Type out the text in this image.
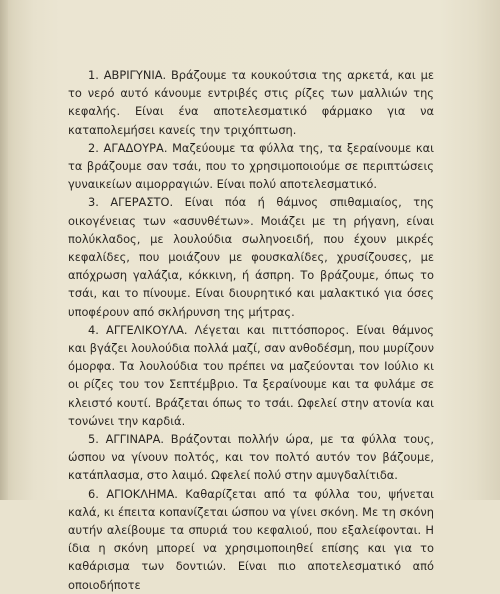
1. ΑΒΡΙΓΥΝΙΑ. Βράζουμε τα κουκούτσια της αρκετά, και με το νερό αυτό κάνουμε εντριβές στις ρίζες των μαλλιών της κεφαλής. Είναι ένα αποτελεσματικό φάρμακο για να καταπολεμήσει κανείς την τριχόπτωση.

2. ΑΓΑΔΟΥΡΑ. Μαζεύουμε τα φύλλα της, τα ξεραίνουμε και τα βράζουμε σαν τσάι, που το χρησιμοποιούμε σε περιπτώσεις γυναικείων αιμορραγιών. Είναι πολύ αποτελεσματικό.

3. ΑΓΕΡΑΣΤΟ. Είναι πόα ή θάμνος σπιθαμιαίος, της οικογένειας των «ασυνθέτων». Μοιάζει με τη ρήγανη, είναι πολύκλαδος, με λουλούδια σωληνοειδή, που έχουν μικρές κεφαλίδες, που μοιάζουν με φουσκαλίδες, χρυσίζουσες, με απόχρωση γαλάζια, κόκκινη, ή άσπρη. Το βράζουμε, όπως το τσάι, και το πίνουμε. Είναι διουρητικό και μαλακτικό για όσες υποφέρουν από σκλήρυνση της μήτρας.

4. ΑΓΓΕΛΙΚΟΥΛΑ. Λέγεται και πιττόσπορος. Είναι θάμνος και βγάζει λουλούδια πολλά μαζί, σαν ανθοδέσμη, που μυρίζουν όμορφα. Τα λουλούδια του πρέπει να μαζεύονται τον Ιούλιο κι οι ρίζες του τον Σεπτέμβριο. Τα ξεραίνουμε και τα φυλάμε σε κλειστό κουτί. Βράζεται όπως το τσάι. Ωφελεί στην ατονία και τονώνει την καρδιά.

5. ΑΓΓΙΝΑΡΑ. Βράζονται πολλήν ώρα, με τα φύλλα τους, ώσπου να γίνουν πολτός, και τον πολτό αυτόν τον βάζουμε, κατάπλασμα, στο λαιμό. Ωφελεί πολύ στην αμυγδαλίτιδα.

6. ΑΓΙΟΚΛΗΜΑ. Καθαρίζεται από τα φύλλα του, ψήνεται καλά, κι έπειτα κοπανίζεται ώσπου να γίνει σκόνη. Με τη σκόνη αυτήν αλείβουμε τα σπυριά του κεφαλιού, που εξαλείφονται. Η ίδια η σκόνη μπορεί να χρησιμοποιηθεί επίσης και για το καθάρισμα των δοντιών. Είναι πιο αποτελεσματικό από οποιοδήποτε
